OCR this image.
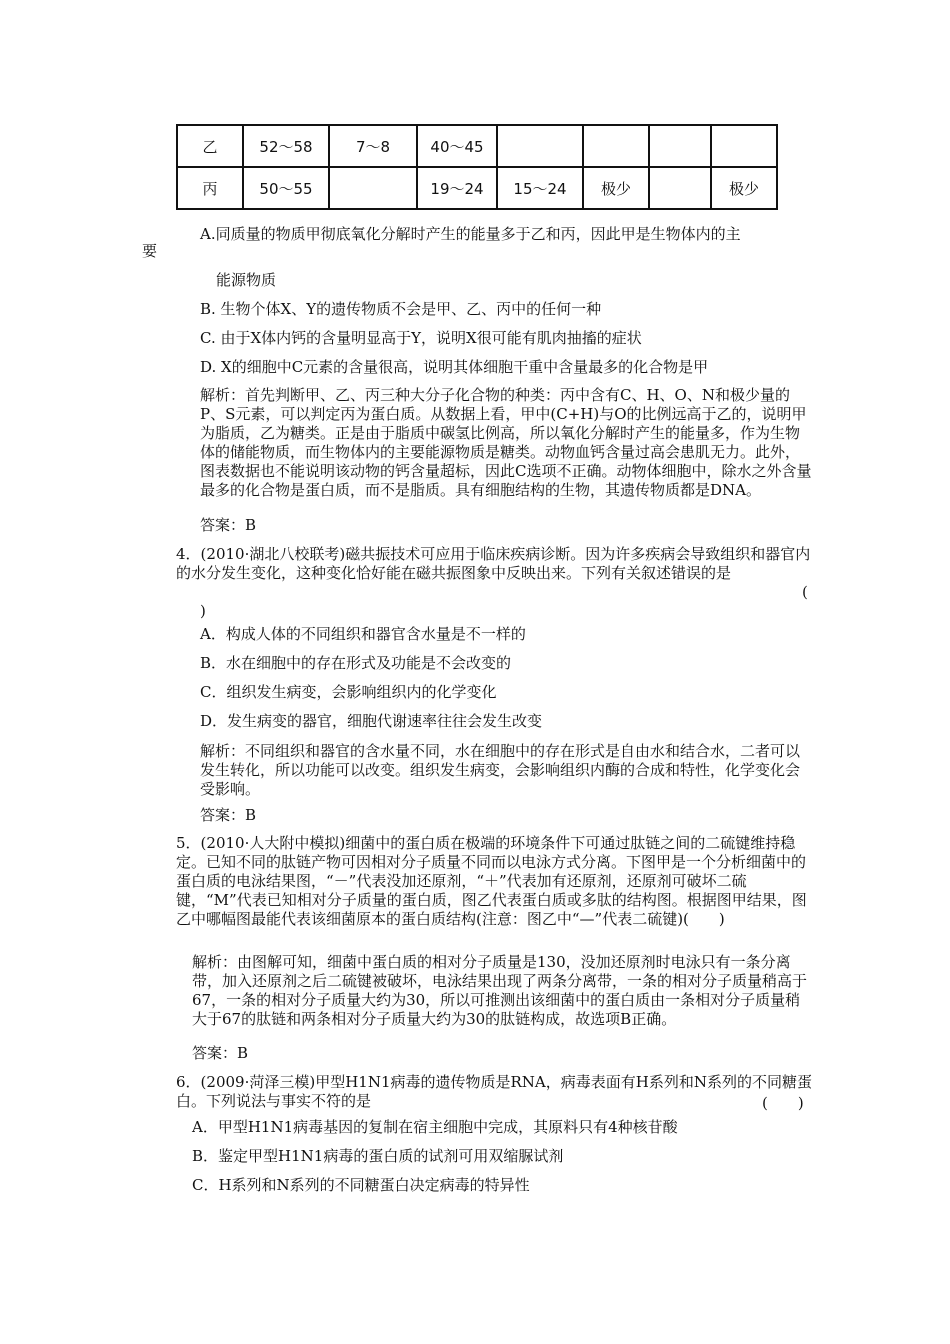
乙	52～58	7～8	40～45				
丙	50～55		19～24	15～24	极少		极少
A.同质量的物质甲彻底氧化分解时产生的能量多于乙和丙，因此甲是生物体内的主
要
能源物质
B. 生物个体X、Y的遗传物质不会是甲、乙、丙中的任何一种
C. 由于X体内钙的含量明显高于Y，说明X很可能有肌肉抽搐的症状
D. X的细胞中C元素的含量很高，说明其体细胞干重中含量最多的化合物是甲
解析：首先判断甲、乙、丙三种大分子化合物的种类：丙中含有C、H、O、N和极少量的P、S元素，可以判定丙为蛋白质。从数据上看，甲中(C+H)与O的比例远高于乙的，说明甲为脂质，乙为糖类。正是由于脂质中碳氢比例高，所以氧化分解时产生的能量多，作为生物体的储能物质，而生物体内的主要能源物质是糖类。动物血钙含量过高会患肌无力。此外，图表数据也不能说明该动物的钙含量超标，因此C选项不正确。动物体细胞中，除水之外含量最多的化合物是蛋白质，而不是脂质。具有细胞结构的生物，其遗传物质都是DNA。
答案：B
4．(2010·湖北八校联考)磁共振技术可应用于临床疾病诊断。因为许多疾病会导致组织和器官内的水分发生变化，这种变化恰好能在磁共振图象中反映出来。下列有关叙述错误的是
(
)
A．构成人体的不同组织和器官含水量是不一样的
B．水在细胞中的存在形式及功能是不会改变的
C．组织发生病变，会影响组织内的化学变化
D．发生病变的器官，细胞代谢速率往往会发生改变
解析：不同组织和器官的含水量不同，水在细胞中的存在形式是自由水和结合水，二者可以发生转化，所以功能可以改变。组织发生病变，会影响组织内酶的合成和特性，化学变化会受影响。
答案：B
5．(2010·人大附中模拟)细菌中的蛋白质在极端的环境条件下可通过肽链之间的二硫键维持稳定。已知不同的肽链产物可因相对分子质量不同而以电泳方式分离。下图甲是一个分析细菌中的蛋白质的电泳结果图，“－”代表没加还原剂，“＋”代表加有还原剂，还原剂可破坏二硫键，“M”代表已知相对分子质量的蛋白质，图乙代表蛋白质或多肽的结构图。根据图甲结果，图乙中哪幅图最能代表该细菌原本的蛋白质结构(注意：图乙中“—”代表二硫键)(　　)
解析：由图解可知，细菌中蛋白质的相对分子质量是130，没加还原剂时电泳只有一条分离带，加入还原剂之后二硫键被破坏，电泳结果出现了两条分离带，一条的相对分子质量稍高于67，一条的相对分子质量大约为30，所以可推测出该细菌中的蛋白质由一条相对分子质量稍大于67的肽链和两条相对分子质量大约为30的肽链构成，故选项B正确。
答案：B
6．(2009·菏泽三模)甲型H1N1病毒的遗传物质是RNA，病毒表面有H系列和N系列的不同糖蛋白。下列说法与事实不符的是	(　　)
A．甲型H1N1病毒基因的复制在宿主细胞中完成，其原料只有4种核苷酸
B．鉴定甲型H1N1病毒的蛋白质的试剂可用双缩脲试剂
C．H系列和N系列的不同糖蛋白决定病毒的特异性
